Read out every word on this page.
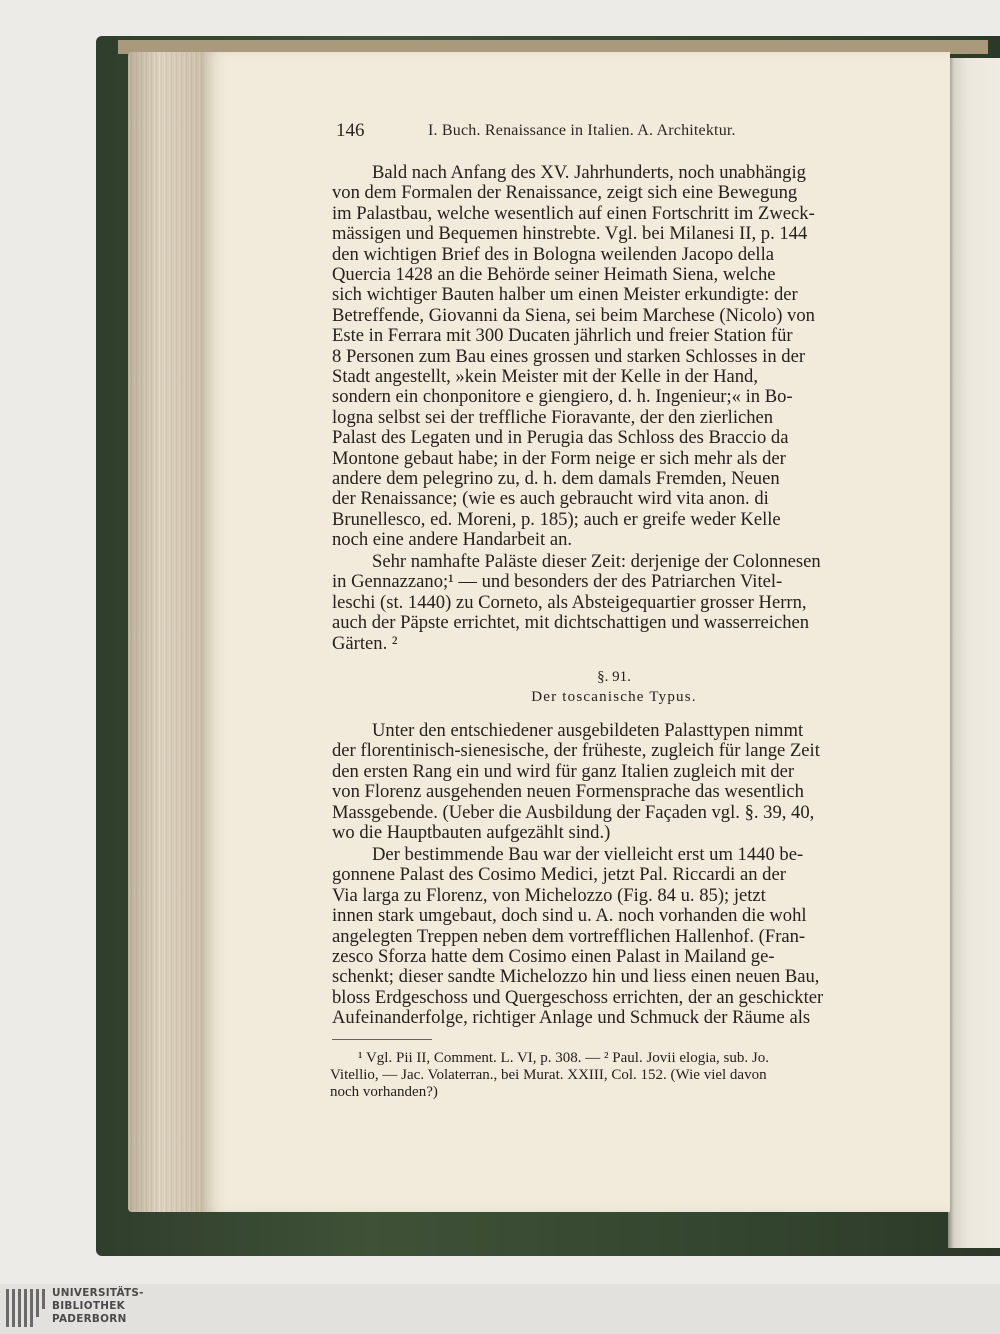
146	I. Buch. Renaissance in Italien. A. Architektur.
Bald nach Anfang des XV. Jahrhunderts, noch unabhängig
von dem Formalen der Renaissance, zeigt sich eine Bewegung
im Palastbau, welche wesentlich auf einen Fortschritt im Zweck-
mässigen und Bequemen hinstrebte. Vgl. bei Milanesi II, p. 144
den wichtigen Brief des in Bologna weilenden Jacopo della
Quercia 1428 an die Behörde seiner Heimath Siena, welche
sich wichtiger Bauten halber um einen Meister erkundigte: der
Betreffende, Giovanni da Siena, sei beim Marchese (Nicolo) von
Este in Ferrara mit 300 Ducaten jährlich und freier Station für
8 Personen zum Bau eines grossen und starken Schlosses in der
Stadt angestellt, »kein Meister mit der Kelle in der Hand,
sondern ein chonponitore e giengiero, d. h. Ingenieur;« in Bo-
logna selbst sei der treffliche Fioravante, der den zierlichen
Palast des Legaten und in Perugia das Schloss des Braccio da
Montone gebaut habe; in der Form neige er sich mehr als der
andere dem pelegrino zu, d. h. dem damals Fremden, Neuen
der Renaissance; (wie es auch gebraucht wird vita anon. di
Brunellesco, ed. Moreni, p. 185); auch er greife weder Kelle
noch eine andere Handarbeit an.
Sehr namhafte Paläste dieser Zeit: derjenige der Colonnesen
in Gennazzano;¹ — und besonders der des Patriarchen Vitel-
leschi (st. 1440) zu Corneto, als Absteigequartier grosser Herrn,
auch der Päpste errichtet, mit dichtschattigen und wasserreichen
Gärten. ²
Unter den entschiedener ausgebildeten Palasttypen nimmt
der florentinisch-sienesische, der früheste, zugleich für lange Zeit
den ersten Rang ein und wird für ganz Italien zugleich mit der
von Florenz ausgehenden neuen Formensprache das wesentlich
Massgebende. (Ueber die Ausbildung der Façaden vgl. §. 39, 40,
wo die Hauptbauten aufgezählt sind.)
Der bestimmende Bau war der vielleicht erst um 1440 be-
gonnene Palast des Cosimo Medici, jetzt Pal. Riccardi an der
Via larga zu Florenz, von Michelozzo (Fig. 84 u. 85); jetzt
innen stark umgebaut, doch sind u. A. noch vorhanden die wohl
angelegten Treppen neben dem vortrefflichen Hallenhof. (Fran-
zesco Sforza hatte dem Cosimo einen Palast in Mailand ge-
schenkt; dieser sandte Michelozzo hin und liess einen neuen Bau,
bloss Erdgeschoss und Quergeschoss errichten, der an geschickter
Aufeinanderfolge, richtiger Anlage und Schmuck der Räume als
§. 91.
Der toscanische Typus.
¹ Vgl. Pii II, Comment. L. VI, p. 308. — ² Paul. Jovii elogia, sub. Jo.
Vitellio, — Jac. Volaterran., bei Murat. XXIII, Col. 152. (Wie viel davon
noch vorhanden?)
UNIVERSITÄTS-
BIBLIOTHEK
PADERBORN
